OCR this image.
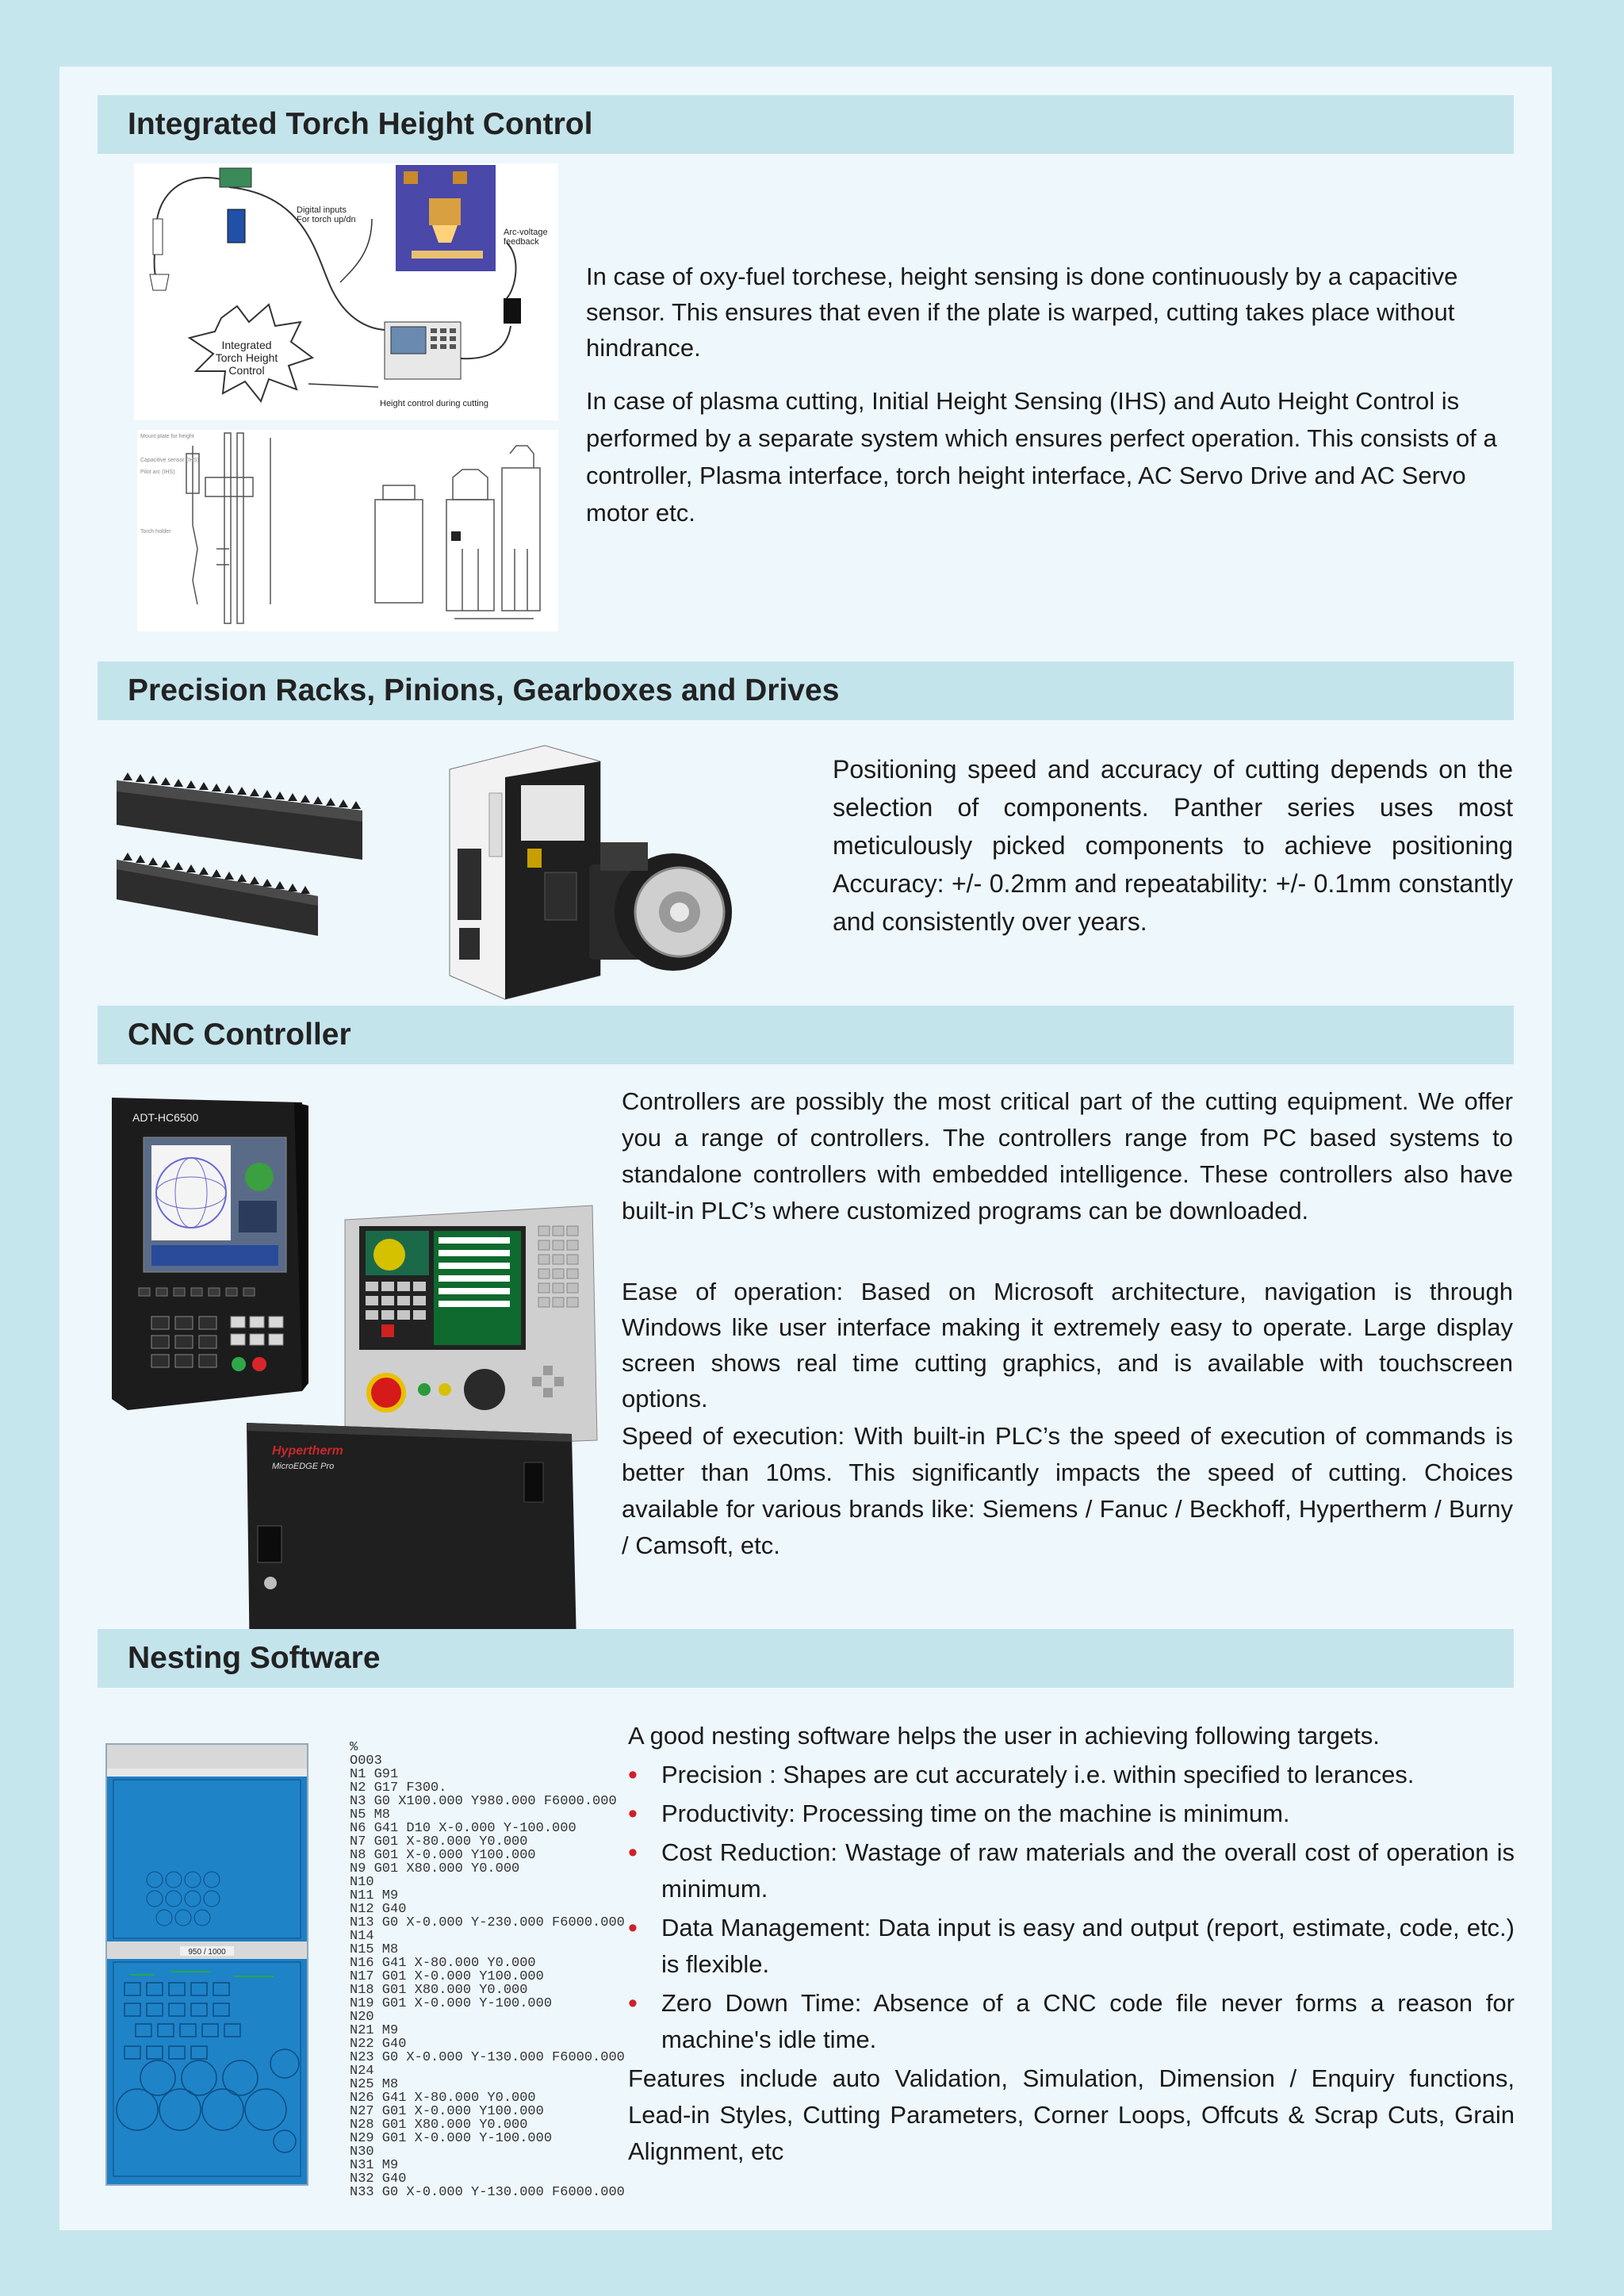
Integrated Torch Height Control
Digital inputs For torch up/dn
Arc-voltage feedback
Integrated Torch Height Control
Height control during cutting
Mount plate for height
Capacitive sensor (IHS)
Pilot arc (IHS)
Torch holder

In case of oxy-fuel torchese, height sensing is done continuously by a capacitive sensor. This ensures that even if the plate is warped, cutting takes place without hindrance.

In case of plasma cutting, Initial Height Sensing (IHS) and Auto Height Control is performed by a separate system which ensures perfect operation. This consists of a controller, Plasma interface, torch height interface, AC Servo Drive and AC Servo motor etc.

Precision Racks, Pinions, Gearboxes and Drives

Positioning speed and accuracy of cutting depends on the selection of components. Panther series uses most meticulously picked components to achieve positioning Accuracy: +/- 0.2mm and repeatability: +/- 0.1mm constantly and consistently over years.

CNC Controller
ADT-HC6500
Hypertherm
MicroEDGE Pro

Controllers are possibly the most critical part of the cutting equipment. We offer you a range of controllers. The controllers range from PC based systems to standalone controllers with embedded intelligence. These controllers also have built-in PLC’s where customized programs can be downloaded.

Ease of operation: Based on Microsoft architecture, navigation is through Windows like user interface making it extremely easy to operate. Large display screen shows real time cutting graphics, and is available with touchscreen options.

Speed of execution: With built-in PLC’s the speed of execution of commands is better than 10ms. This significantly impacts the speed of cutting. Choices available for various brands like: Siemens / Fanuc / Beckhoff, Hypertherm / Burny / Camsoft, etc.

Nesting Software
950 / 1000
%
O003
N1 G91
N2 G17 F300.
N3 G0 X100.000 Y980.000 F6000.000
N5 M8
N6 G41 D10 X-0.000 Y-100.000
N7 G01 X-80.000 Y0.000
N8 G01 X-0.000 Y100.000
N9 G01 X80.000 Y0.000
N10
N11 M9
N12 G40
N13 G0 X-0.000 Y-230.000 F6000.000
N14
N15 M8
N16 G41 X-80.000 Y0.000
N17 G01 X-0.000 Y100.000
N18 G01 X80.000 Y0.000
N19 G01 X-0.000 Y-100.000
N20
N21 M9
N22 G40
N23 G0 X-0.000 Y-130.000 F6000.000
N24
N25 M8
N26 G41 X-80.000 Y0.000
N27 G01 X-0.000 Y100.000
N28 G01 X80.000 Y0.000
N29 G01 X-0.000 Y-100.000
N30
N31 M9
N32 G40
N33 G0 X-0.000 Y-130.000 F6000.000
A good nesting software helps the user in achieving following targets.
• Precision : Shapes are cut accurately i.e. within specified to lerances.
• Productivity: Processing time on the machine is minimum.
• Cost Reduction: Wastage of raw materials and the overall cost of operation is minimum.
• Data Management: Data input is easy and output (report, estimate, code, etc.) is flexible.
• Zero Down Time: Absence of a CNC code file never forms a reason for machine's idle time.
Features include auto Validation, Simulation, Dimension / Enquiry functions, Lead-in Styles, Cutting Parameters, Corner Loops, Offcuts & Scrap Cuts, Grain Alignment, etc
